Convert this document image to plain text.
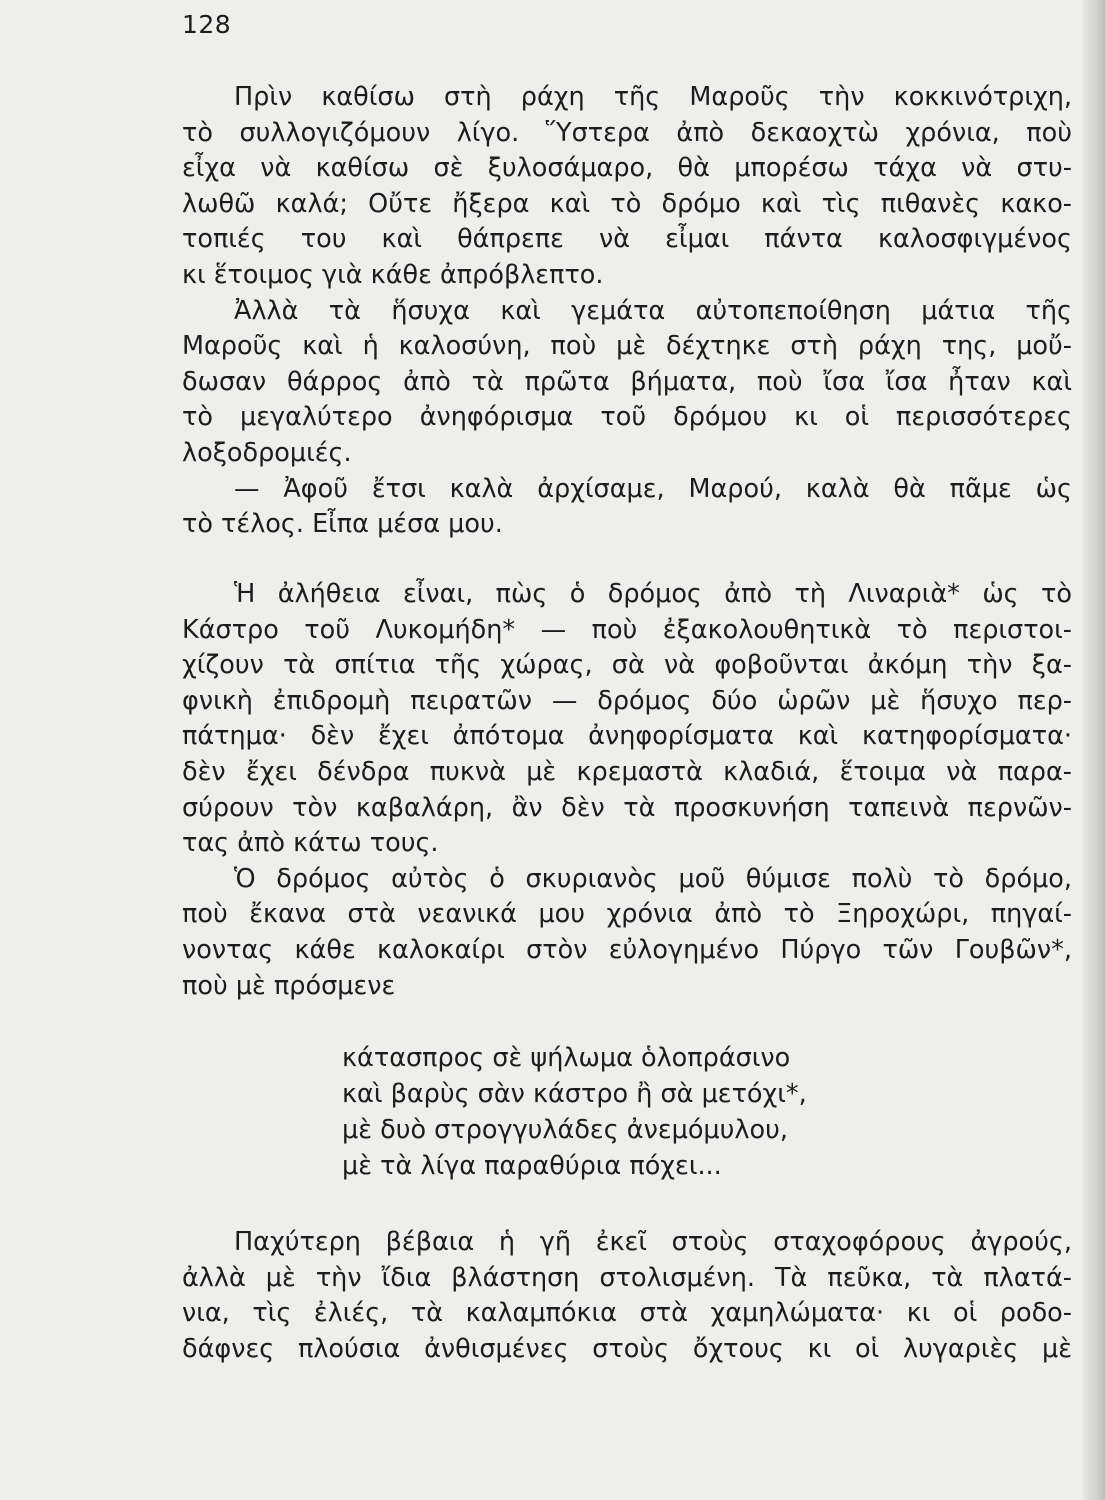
128
Πρὶν καθίσω στὴ ράχη τῆς Μαροῦς τὴν κοκκινότριχη,
τὸ συλλογιζόμουν λίγο. Ὕστερα ἀπὸ δεκαοχτὼ χρόνια, ποὺ
εἶχα νὰ καθίσω σὲ ξυλοσάμαρο, θὰ μπορέσω τάχα νὰ στυ-
λωθῶ καλά; Οὔτε ἤξερα καὶ τὸ δρόμο καὶ τὶς πιθανὲς κακο-
τοπιές του καὶ θάπρεπε νὰ εἶμαι πάντα καλοσφιγμένος
κι ἕτοιμος γιὰ κάθε ἀπρόβλεπτο.
Ἀλλὰ τὰ ἥσυχα καὶ γεμάτα αὐτοπεποίθηση μάτια τῆς
Μαροῦς καὶ ἡ καλοσύνη, ποὺ μὲ δέχτηκε στὴ ράχη της, μοὔ-
δωσαν θάρρος ἀπὸ τὰ πρῶτα βήματα, ποὺ ἴσα ἴσα ἦταν καὶ
τὸ μεγαλύτερο ἀνηφόρισμα τοῦ δρόμου κι οἱ περισσότερες
λοξοδρομιές.
— Ἀφοῦ ἔτσι καλὰ ἀρχίσαμε, Μαρού, καλὰ θὰ πᾶμε ὡς
τὸ τέλος. Εἶπα μέσα μου.
Ἡ ἀλήθεια εἶναι, πὼς ὁ δρόμος ἀπὸ τὴ Λιναριὰ* ὡς τὸ
Κάστρο τοῦ Λυκομήδη* — ποὺ ἐξακολουθητικὰ τὸ περιστοι-
χίζουν τὰ σπίτια τῆς χώρας, σὰ νὰ φοβοῦνται ἀκόμη τὴν ξα-
φνικὴ ἐπιδρομὴ πειρατῶν — δρόμος δύο ὡρῶν μὲ ἥσυχο περ-
πάτημα· δὲν ἔχει ἀπότομα ἀνηφορίσματα καὶ κατηφορίσματα·
δὲν ἔχει δένδρα πυκνὰ μὲ κρεμαστὰ κλαδιά, ἕτοιμα νὰ παρα-
σύρουν τὸν καβαλάρη, ἂν δὲν τὰ προσκυνήση ταπεινὰ περνῶν-
τας ἀπὸ κάτω τους.
Ὁ δρόμος αὐτὸς ὁ σκυριανὸς μοῦ θύμισε πολὺ τὸ δρόμο,
ποὺ ἔκανα στὰ νεανικά μου χρόνια ἀπὸ τὸ Ξηροχώρι, πηγαί-
νοντας κάθε καλοκαίρι στὸν εὐλογημένο Πύργο τῶν Γουβῶν*,
ποὺ μὲ πρόσμενε
κάτασπρος σὲ ψήλωμα ὁλοπράσινο
καὶ βαρὺς σὰν κάστρο ἢ σὰ μετόχι*,
μὲ δυὸ στρογγυλάδες ἀνεμόμυλου,
μὲ τὰ λίγα παραθύρια πόχει...
Παχύτερη βέβαια ἡ γῆ ἐκεῖ στοὺς σταχοφόρους ἀγρούς,
ἀλλὰ μὲ τὴν ἴδια βλάστηση στολισμένη. Τὰ πεῦκα, τὰ πλατά-
νια, τὶς ἐλιές, τὰ καλαμπόκια στὰ χαμηλώματα· κι οἱ ροδο-
δάφνες πλούσια ἀνθισμένες στοὺς ὄχτους κι οἱ λυγαριὲς μὲ
